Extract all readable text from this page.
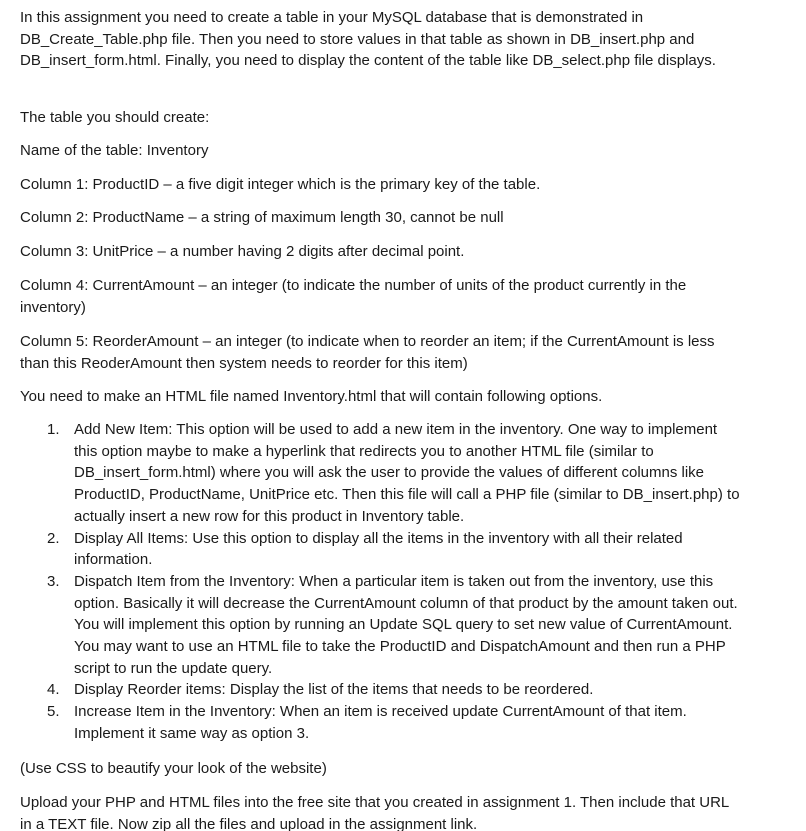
In this assignment you need to create a table in your MySQL database that is demonstrated in DB_Create_Table.php file. Then you need to store values in that table as shown in DB_insert.php and DB_insert_form.html. Finally, you need to display the content of the table like DB_select.php file displays.

The table you should create:

Name of the table: Inventory

Column 1: ProductID – a five digit integer which is the primary key of the table.

Column 2: ProductName – a string of maximum length 30, cannot be null

Column 3: UnitPrice – a number having 2 digits after decimal point.

Column 4: CurrentAmount – an integer (to indicate the number of units of the product currently in the inventory)

Column 5: ReorderAmount – an integer (to indicate when to reorder an item; if the CurrentAmount is less than this ReoderAmount then system needs to reorder for this item)

You need to make an HTML file named Inventory.html that will contain following options.

1. Add New Item: This option will be used to add a new item in the inventory. One way to implement this option maybe to make a hyperlink that redirects you to another HTML file (similar to DB_insert_form.html) where you will ask the user to provide the values of different columns like ProductID, ProductName, UnitPrice etc. Then this file will call a PHP file (similar to DB_insert.php) to actually insert a new row for this product in Inventory table.
2. Display All Items: Use this option to display all the items in the inventory with all their related information.
3. Dispatch Item from the Inventory: When a particular item is taken out from the inventory, use this option. Basically it will decrease the CurrentAmount column of that product by the amount taken out. You will implement this option by running an Update SQL query to set new value of CurrentAmount. You may want to use an HTML file to take the ProductID and DispatchAmount and then run a PHP script to run the update query.
4. Display Reorder items: Display the list of the items that needs to be reordered.
5. Increase Item in the Inventory: When an item is received update CurrentAmount of that item. Implement it same way as option 3.

(Use CSS to beautify your look of the website)

Upload your PHP and HTML files into the free site that you created in assignment 1. Then include that URL in a TEXT file. Now zip all the files and upload in the assignment link.
